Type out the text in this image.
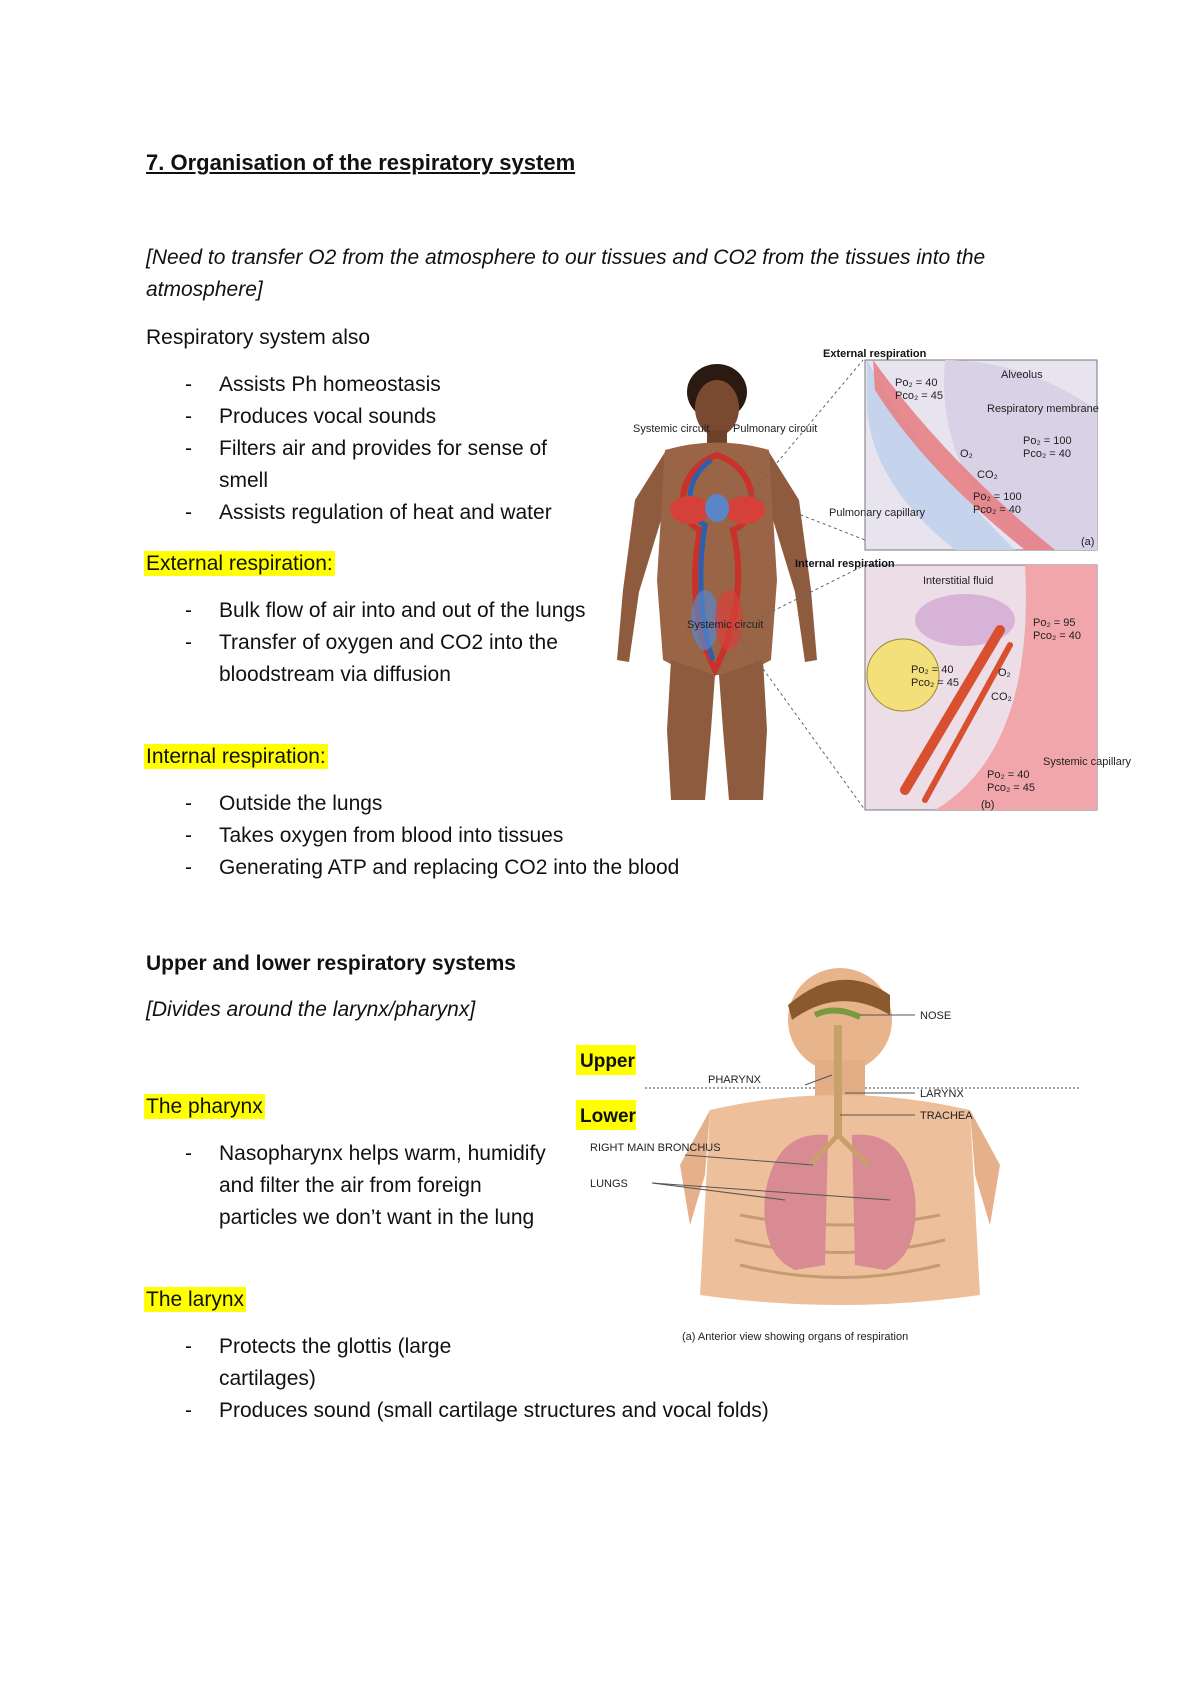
7. Organisation of the respiratory system
[Need to transfer O2 from the atmosphere to our tissues and CO2 from the tissues into the atmosphere]
Respiratory system also
- Assists Ph homeostasis
- Produces vocal sounds
- Filters air and provides for sense of smell
- Assists regulation of heat and water
External respiration:
- Bulk flow of air into and out of the lungs
- Transfer of oxygen and CO2 into the bloodstream via diffusion
Internal respiration:
- Outside the lungs
- Takes oxygen from blood into tissues
- Generating ATP and replacing CO2 into the blood
Systemic circuit Pulmonary circuit
Systemic circuit
External respiration
Alveolus
Respiratory membrane
Po₂ = 40
Pco₂ = 45
Po₂ = 100
Pco₂ = 40
Po₂ = 100
Pco₂ = 40
O₂
CO₂
Pulmonary capillary
(a)
Internal respiration
Interstitial fluid
Po₂ = 95
Pco₂ = 40
Po₂ = 40
Pco₂ = 45
Po₂ = 40
Pco₂ = 45
O₂
CO₂
Systemic capillary
(b)
Upper and lower respiratory systems
[Divides around the larynx/pharynx]
The pharynx
- Nasopharynx helps warm, humidify and filter the air from foreign particles we don’t want in the lung
The larynx
- Protects the glottis (large cartilages)
- Produces sound (small cartilage structures and vocal folds)
Upper
Lower
NOSE
PHARYNX
LARYNX
TRACHEA
RIGHT MAIN BRONCHUS
LUNGS
(a) Anterior view showing organs of respiration
